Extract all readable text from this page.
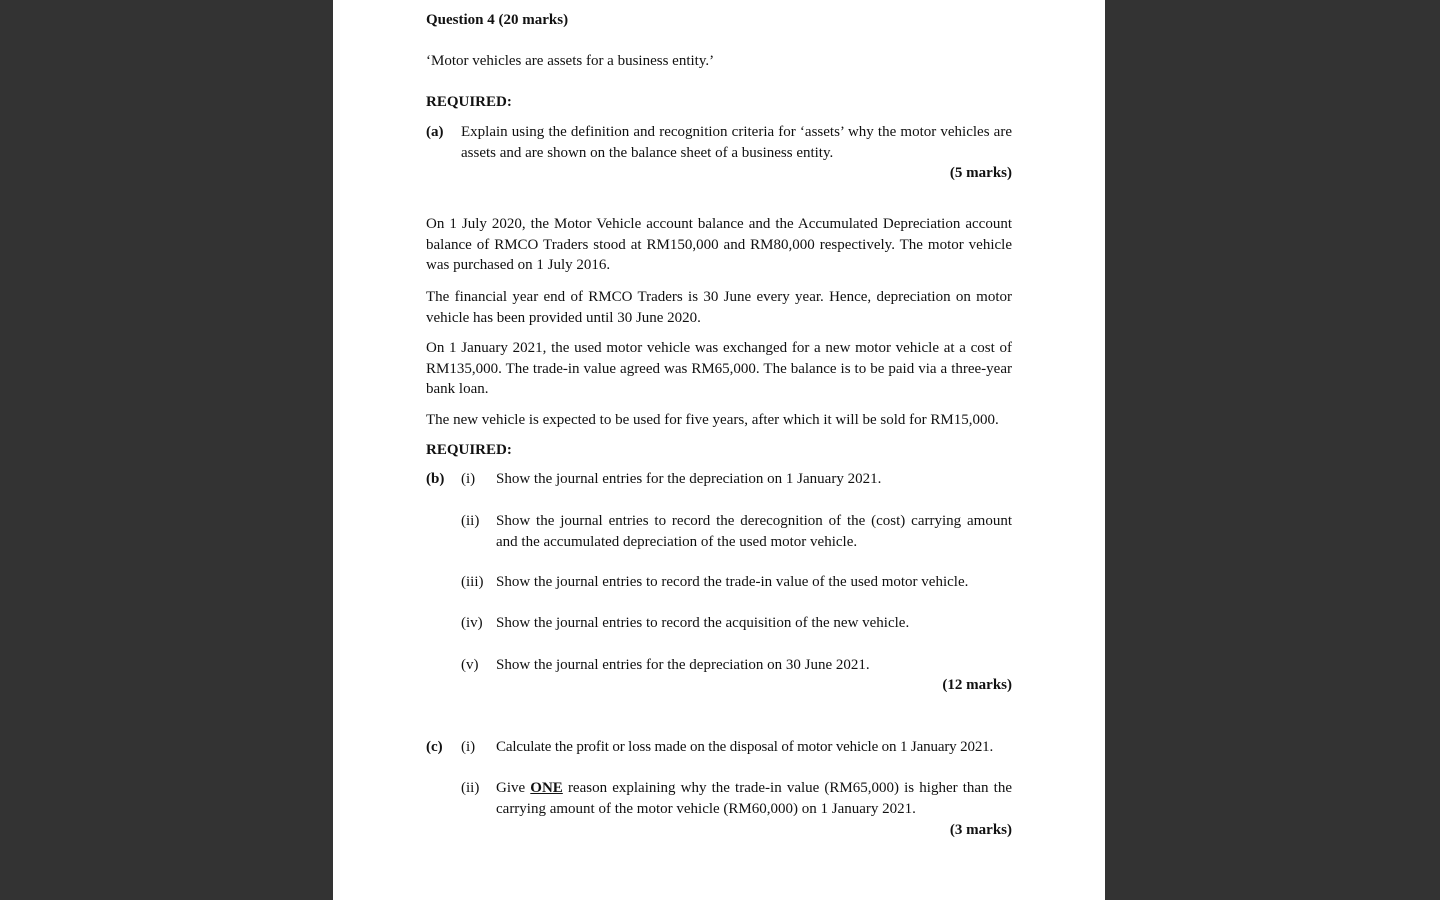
Question 4 (20 marks)

‘Motor vehicles are assets for a business entity.’

REQUIRED:

(a) Explain using the definition and recognition criteria for ‘assets’ why the motor vehicles are assets and are shown on the balance sheet of a business entity.

(5 marks)

On 1 July 2020, the Motor Vehicle account balance and the Accumulated Depreciation account balance of RMCO Traders stood at RM150,000 and RM80,000 respectively. The motor vehicle was purchased on 1 July 2016.

The financial year end of RMCO Traders is 30 June every year. Hence, depreciation on motor vehicle has been provided until 30 June 2020.

On 1 January 2021, the used motor vehicle was exchanged for a new motor vehicle at a cost of RM135,000. The trade-in value agreed was RM65,000. The balance is to be paid via a three-year bank loan.

The new vehicle is expected to be used for five years, after which it will be sold for RM15,000.

REQUIRED:

(b) (i) Show the journal entries for the depreciation on 1 January 2021.

(ii) Show the journal entries to record the derecognition of the (cost) carrying amount and the accumulated depreciation of the used motor vehicle.

(iii) Show the journal entries to record the trade-in value of the used motor vehicle.

(iv) Show the journal entries to record the acquisition of the new vehicle.

(v) Show the journal entries for the depreciation on 30 June 2021.

(12 marks)

(c) (i) Calculate the profit or loss made on the disposal of motor vehicle on 1 January 2021.

(ii) Give ONE reason explaining why the trade-in value (RM65,000) is higher than the carrying amount of the motor vehicle (RM60,000) on 1 January 2021.

(3 marks)
